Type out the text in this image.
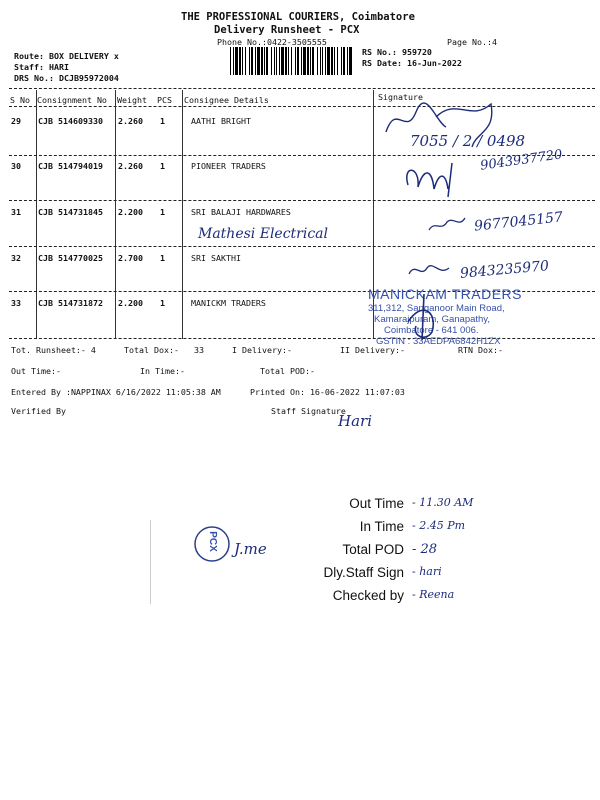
THE PROFESSIONAL COURIERS, Coimbatore
Delivery Runsheet - PCX
Phone No.:0422-3505555	Page No.:4
Route: BOX DELIVERY x
Staff: HARI
DRS No.: DCJB95972004
RS No.: 959720
RS Date: 16-Jun-2022
S No Consignment No Weight PCS Consignee Details	Signature
29 CJB 514609330 2.260 1	AATHI BRIGHT
30 CJB 514794019 2.260 1	PIONEER TRADERS
31 CJB 514731845 2.200 1	SRI BALAJI HARDWARES
Mathesi Electrical
32 CJB 514770025 2.700 1	SRI SAKTHI
33 CJB 514731872 2.200 1	MANICKM TRADERS
7055 / 2 / 0498
9043937720
9677045157
9843235970
MANICKAM TRADERS
311,312, Sanganoor Main Road,
Kamarajpuram, Ganapathy,
Coimbatore - 641 006.
GSTIN : 33AEDPA6842H1ZX
Tot. Runsheet:- 4	Total Dox:- 33	I Delivery:-	II Delivery:-	RTN Dox:-
Out Time:-	In Time:-	Total POD:-
Entered By :NAPPINAX 6/16/2022 11:05:38 AM	Printed On: 16-06-2022 11:07:03
Verified By	Staff Signature
Hari
Out Time - 11.30 AM
In Time - 2.45 Pm
Total POD - 28
Dly.Staff Sign - hari
Checked by - Reena
PCX J.me
